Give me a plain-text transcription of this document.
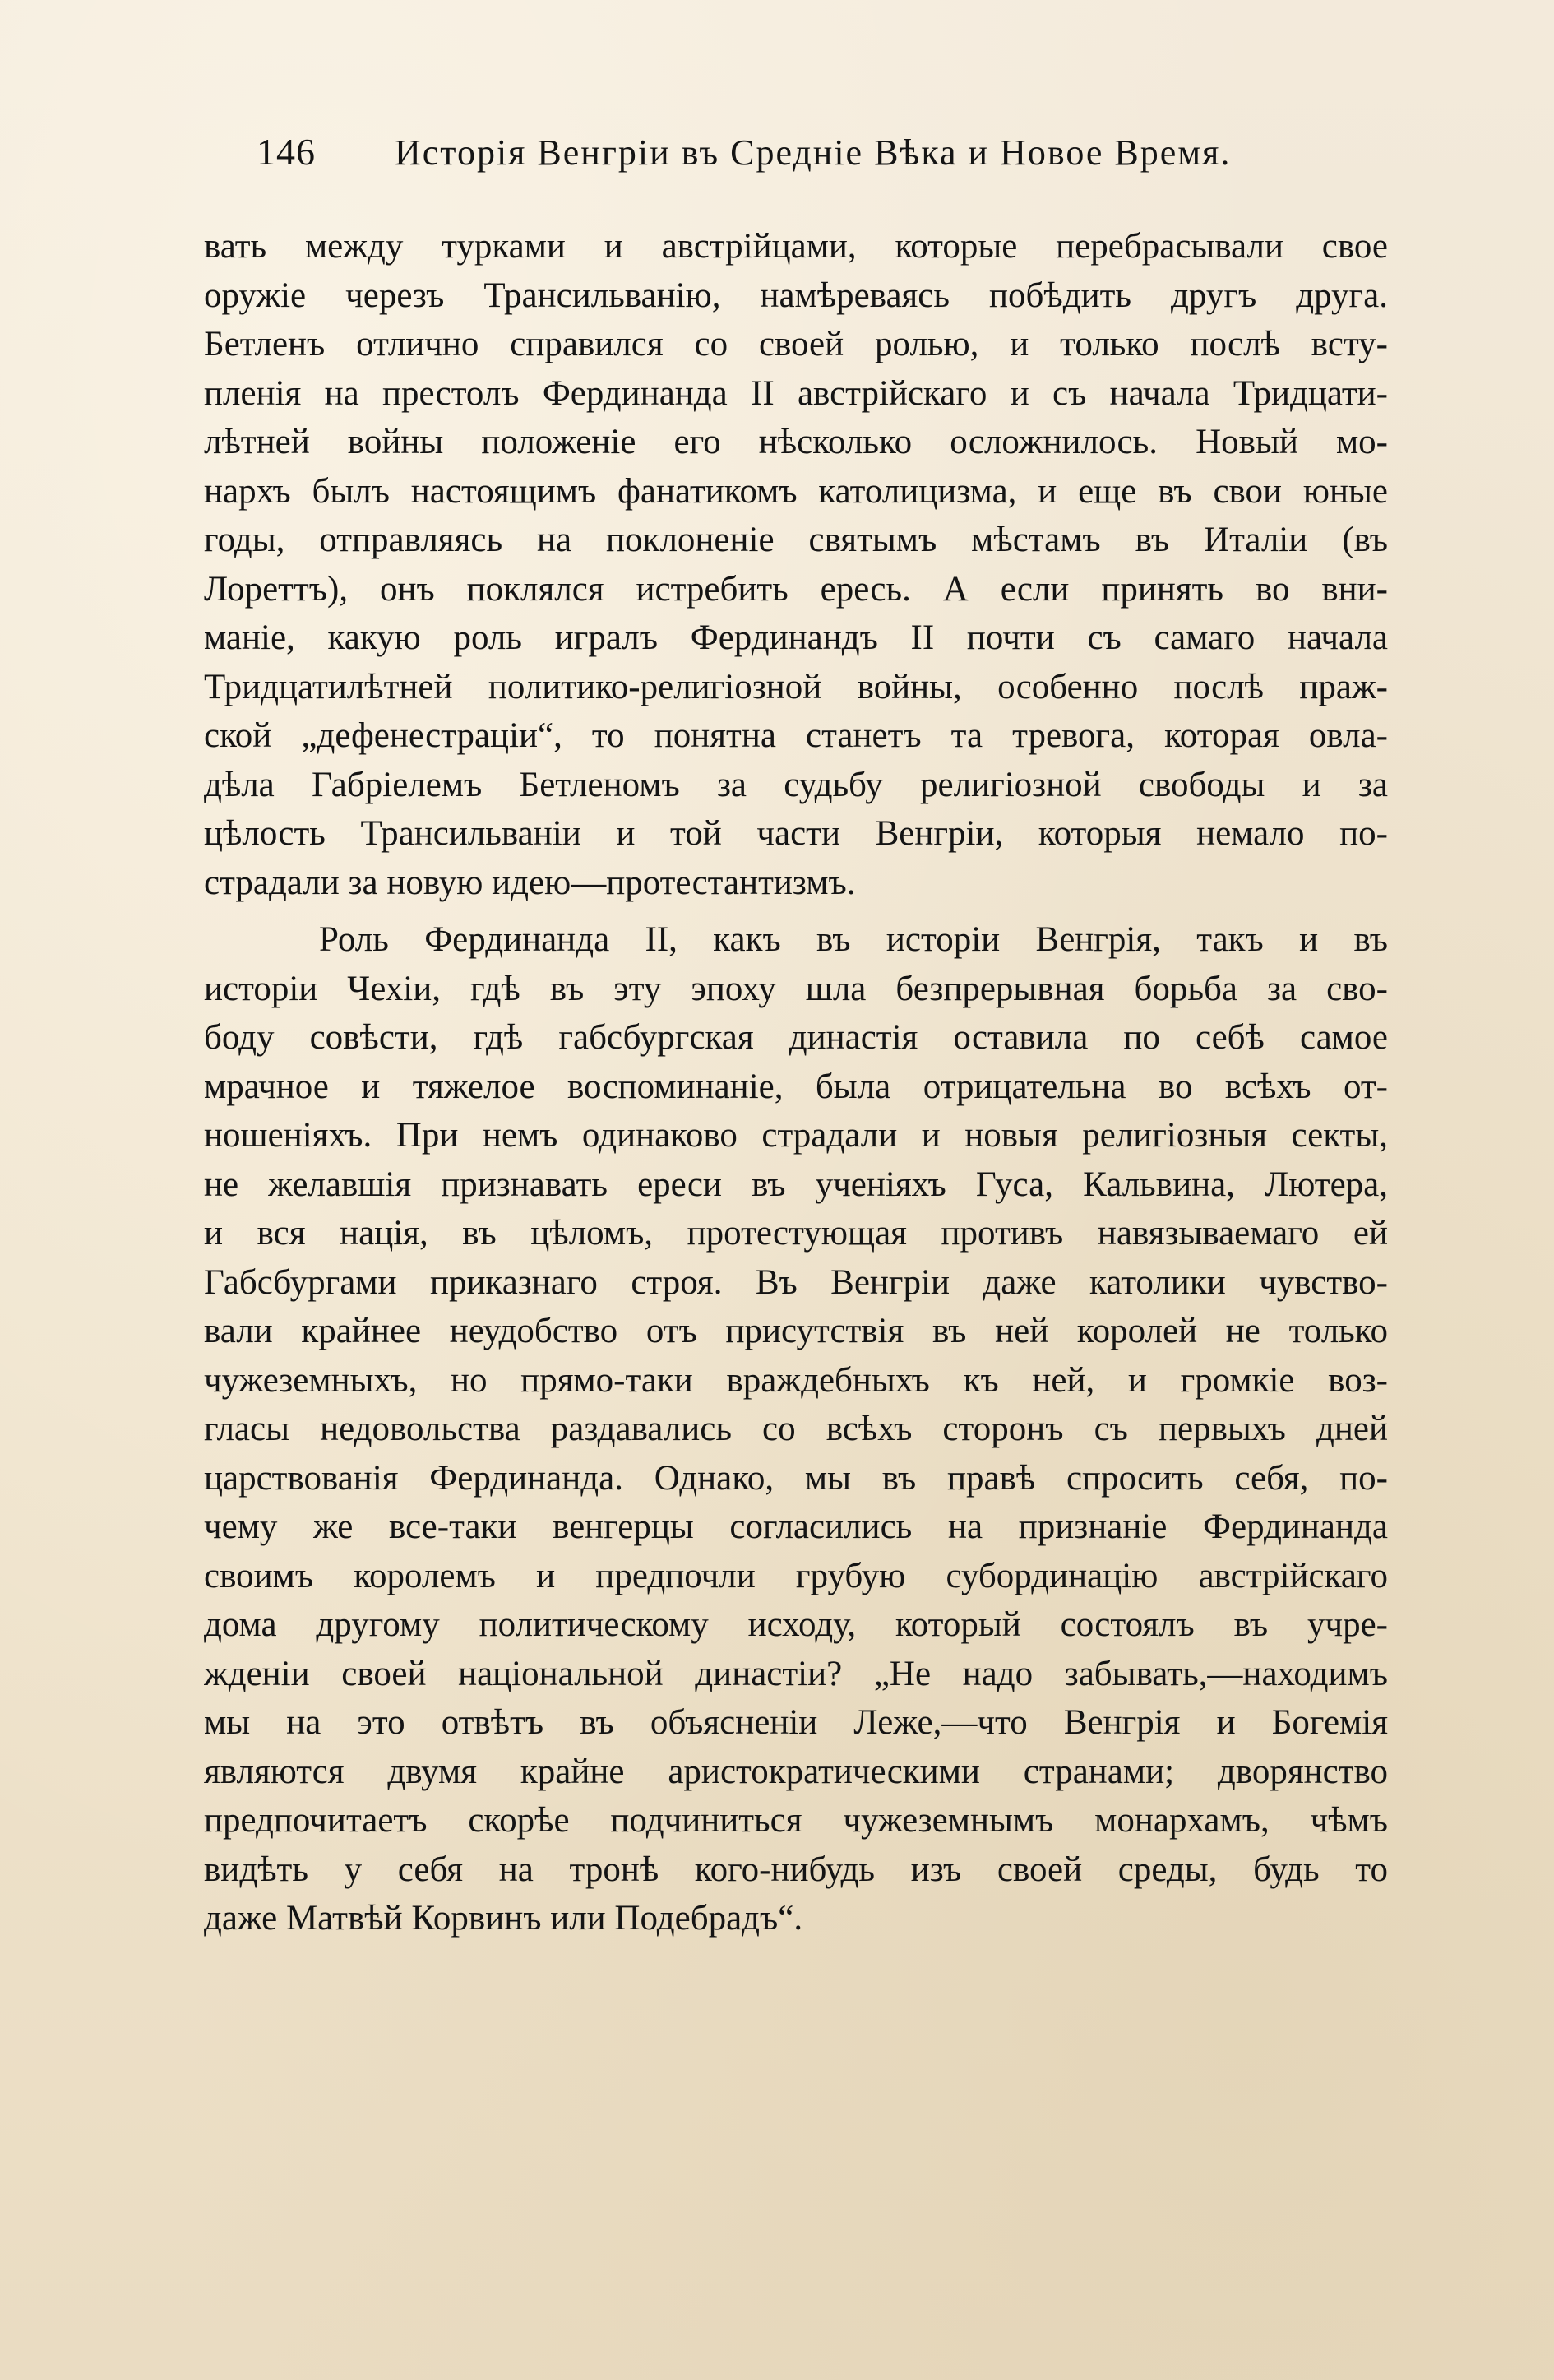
146 Исторія Венгріи въ Средніе Вѣка и Новое Время.
вать между турками и австрійцами, которые перебрасывали свое
оружіе черезъ Трансильванію, намѣреваясь побѣдить другъ друга.
Бетленъ отлично справился со своей ролью, и только послѣ всту-
пленія на престолъ Фердинанда II австрійскаго и съ начала Тридцати-
лѣтней войны положеніе его нѣсколько осложнилось. Новый мо-
нархъ былъ настоящимъ фанатикомъ католицизма, и еще въ свои юные
годы, отправляясь на поклоненіе святымъ мѣстамъ въ Италіи (въ
Лореттъ), онъ поклялся истребить ересь. А если принять во вни-
маніе, какую роль игралъ Фердинандъ II почти съ самаго начала
Тридцатилѣтней политико-религіозной войны, особенно послѣ праж-
ской „дефенестраціи“, то понятна станетъ та тревога, которая овла-
дѣла Габріелемъ Бетленомъ за судьбу религіозной свободы и за
цѣлость Трансильваніи и той части Венгріи, которыя немало по-
страдали за новую идею—протестантизмъ.
Роль Фердинанда II, какъ въ исторіи Венгрія, такъ и въ
исторіи Чехіи, гдѣ въ эту эпоху шла безпрерывная борьба за сво-
боду совѣсти, гдѣ габсбургская династія оставила по себѣ самое
мрачное и тяжелое воспоминаніе, была отрицательна во всѣхъ от-
ношеніяхъ. При немъ одинаково страдали и новыя религіозныя секты,
не желавшія признавать ереси въ ученіяхъ Гуса, Кальвина, Лютера,
и вся нація, въ цѣломъ, протестующая противъ навязываемаго ей
Габсбургами приказнаго строя. Въ Венгріи даже католики чувство-
вали крайнее неудобство отъ присутствія въ ней королей не только
чужеземныхъ, но прямо-таки враждебныхъ къ ней, и громкіе воз-
гласы недовольства раздавались со всѣхъ сторонъ съ первыхъ дней
царствованія Фердинанда. Однако, мы въ правѣ спросить себя, по-
чему же все-таки венгерцы согласились на признаніе Фердинанда
своимъ королемъ и предпочли грубую субординацію австрійскаго
дома другому политическому исходу, который состоялъ въ учре-
жденіи своей національной династіи? „Не надо забывать,—находимъ
мы на это отвѣтъ въ объясненіи Леже,—что Венгрія и Богемія
являются двумя крайне аристократическими странами; дворянство
предпочитаетъ скорѣе подчиниться чужеземнымъ монархамъ, чѣмъ
видѣть у себя на тронѣ кого-нибудь изъ своей среды, будь то
даже Матвѣй Корвинъ или Подебрадъ“.
